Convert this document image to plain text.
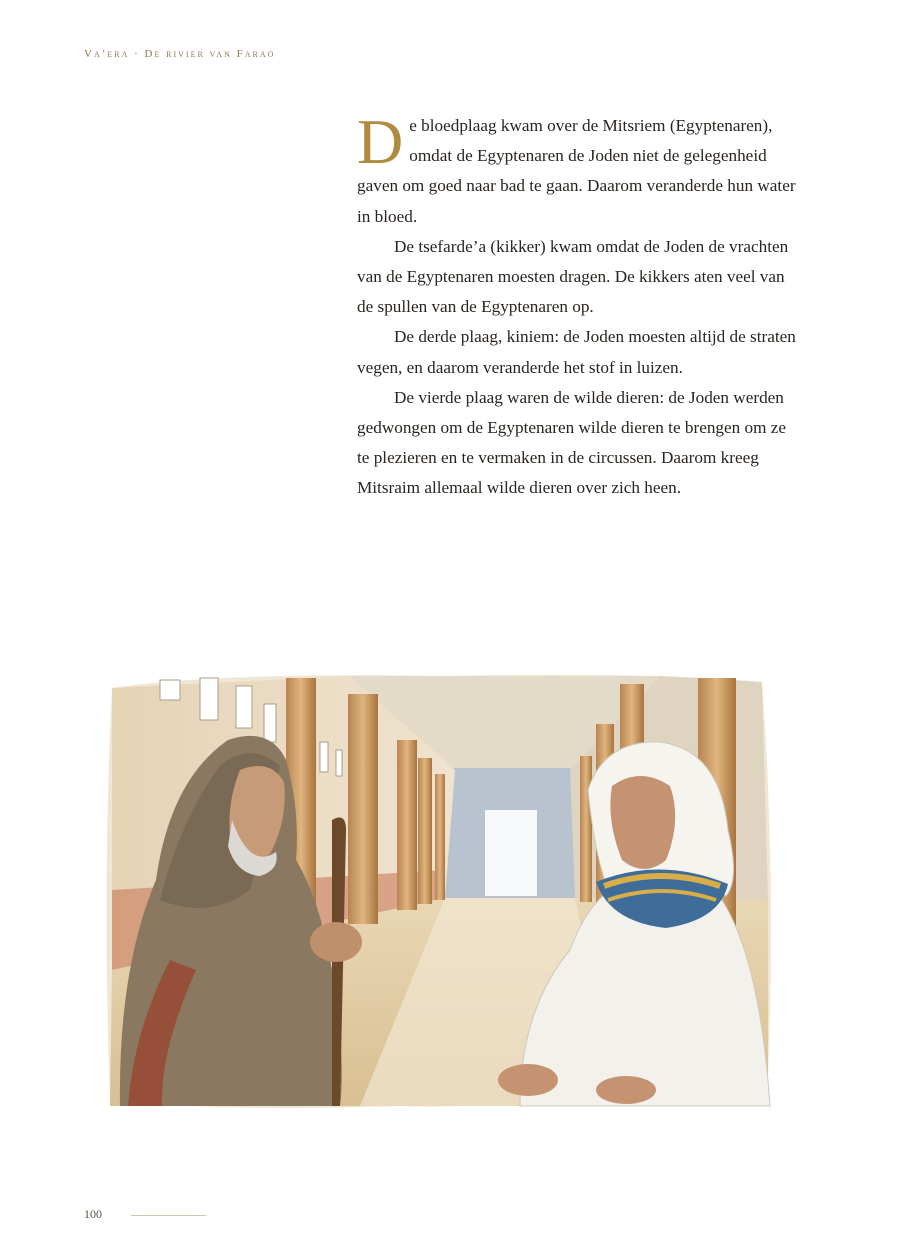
Va’era · De rivier van Farao

De bloedplaag kwam over de Mitsriem (Egyptenaren), omdat de Egyptenaren de Joden niet de gelegenheid gaven om goed naar bad te gaan. Daarom veranderde hun water in bloed.

De tsefarde’a (kikker) kwam omdat de Joden de vrachten van de Egyptenaren moesten dragen. De kikkers aten veel van de spullen van de Egyptenaren op.

De derde plaag, kiniem: de Joden moesten altijd de straten vegen, en daarom veranderde het stof in luizen.

De vierde plaag waren de wilde dieren: de Joden werden gedwongen om de Egyptenaren wilde dieren te brengen om ze te plezieren en te vermaken in de circussen. Daarom kreeg Mitsraim allemaal wilde dieren over zich heen.

100
